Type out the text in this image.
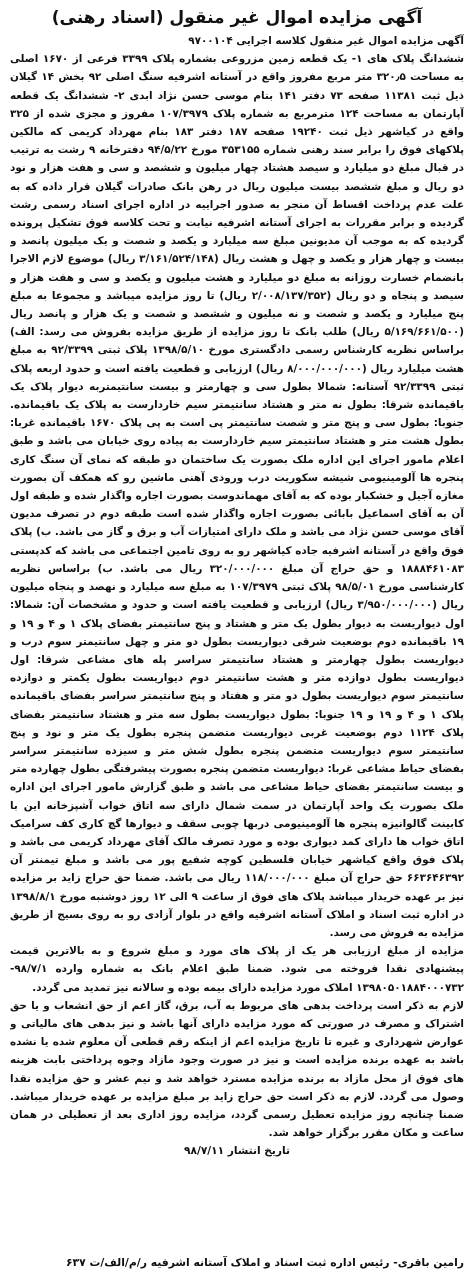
آگهی مزایده اموال غیر منقول (اسناد رهنی)

آگهی مزایده اموال غیر منقول کلاسه اجرایی ۹۷۰۰۱۰۴

ششدانگ پلاک های ۱- یک قطعه زمین مزروعی بشماره پلاک ۳۳۹۹ فرعی از ۱۶۷۰ اصلی به مساحت ۳۲۰٫۵ متر مربع مفروز واقع در آستانه اشرفیه سنگ اصلی ۹۲ بخش ۱۴ گیلان ذیل ثبت ۱۱۳۸۱ صفحه ۷۳ دفتر ۱۴۱ بنام موسی حسن نژاد ابدی ۲- ششدانگ یک قطعه آپارتمان به مساحت ۱۲۴ مترمربع به شماره پلاک ۱۰۷/۳۹۷۹ مفروز و مجزی شده از ۳۲۵ واقع در کیاشهر ذیل ثبت ۱۹۲۴۰ صفحه ۱۸۷ دفتر ۱۸۳ بنام مهرداد کریمی که مالکین پلاکهای فوق را برابر سند رهنی شماره ۳۵۳۱۵۵ مورخ ۹۴/۵/۲۲ دفترخانه ۹ رشت به ترتیب در قبال مبلغ دو میلیارد و سیصد هشتاد چهار میلیون و ششصد و سی و هفت هزار و نود دو ریال و مبلغ ششصد بیست میلیون ریال در رهن بانک صادرات گیلان قرار داده که به علت عدم پرداخت اقساط آن منجر به صدور اجراییه در اداره اجرای اسناد رسمی رشت گردیده و برابر مقررات به اجرای آستانه اشرفیه نیابت و تحت کلاسه فوق تشکیل پرونده گردیده که به موجب آن مدیونین مبلغ سه میلیارد و یکصد و شصت و یک میلیون پانصد و بیست و چهار هزار و یکصد و چهل و هشت ریال (۳/۱۶۱/۵۲۴/۱۴۸ ریال) موضوع لازم الاجرا بانضمام خسارت روزانه به مبلغ دو میلیارد و هشت میلیون و یکصد و سی و هفت هزار و سیصد و پنجاه و دو ریال (۲/۰۰۸/۱۳۷/۳۵۲ ریال) تا روز مزایده میباشد و مجموعا به مبلغ پنج میلیارد و یکصد و شصت و نه میلیون و ششصد و شصت و یک هزار و پانصد ریال (۵/۱۶۹/۶۶۱/۵۰۰ ریال) طلب بانک تا روز مزایده از طریق مزایده بفروش می رسد: الف) براساس نظریه کارشناس رسمی دادگستری مورخ ۱۳۹۸/۵/۱۰ پلاک ثبتی ۹۲/۳۳۹۹ به مبلغ هشت میلیارد ریال (۸/۰۰۰/۰۰۰/۰۰۰ ریال) ارزیابی و قطعیت یافته است و حدود اربعه پلاک ثبتی ۹۲/۳۳۹۹ آستانه: شمالا بطول سی و چهارمتر و بیست سانتیمتربه دیوار پلاک یک باقیمانده شرقا: بطول نه متر و هشتاد سانتیمتر سیم خاردارست به پلاک یک باقیمانده. جنوبا: بطول سی و پنج متر و شصت سانتیمتر پی است به پی پلاک ۱۶۷۰ باقیمانده غربا: بطول هشت متر و هشتاد سانتیمتر سیم خاردارست به پیاده روی خیابان می باشد و طبق اعلام مامور اجرای این اداره ملک بصورت یک ساختمان دو طبقه که نمای آن سنگ کاری پنجره ها آلومینیومی شیشه سکوریت درب ورودی آهنی ماشین رو که همکف آن بصورت مغازه آجیل و خشکبار بوده که به آقای مهماندوست بصورت اجاره واگذار شده و طبقه اول آن به آقای اسماعیل بابائی بصورت اجاره واگذار شده است طبقه دوم در تصرف مدیون آقای موسی حسن نژاد می باشد و ملک دارای امتیازات آب و برق و گاز می باشد. ب) پلاک فوق واقع در آستانه اشرفیه جاده کیاشهر رو به روی تامین اجتماعی می باشد که کدپستی ۱۸۸۸۴۶۱۰۸۳ و حق حراج آن مبلغ ۳۲۰/۰۰۰/۰۰۰ ریال می باشد. ب) براساس نظریه کارشناسی مورخ ۹۸/۵/۰۱ پلاک ثبتی ۱۰۷/۳۹۷۹ به مبلغ سه میلیارد و نهصد و پنجاه میلیون ریال (۳/۹۵۰/۰۰۰/۰۰۰ ریال) ارزیابی و قطعیت یافته است و حدود و مشخصات آن: شمالا: اول دیواریست به دیوار بطول یک متر و هشتاد و پنج سانتیمتر بفضای پلاک ۱ و ۴ و ۱۹ و ۱۹ باقیمانده دوم بوضعیت شرقی دیواریست بطول دو متر و چهل سانتیمتر سوم درب و دیواریست بطول چهارمتر و هشتاد سانتیمتر سراسر پله های مشاعی شرقا: اول دیواریست بطول دوازده متر و هشت سانتیمتر دوم دیواریست بطول یکمتر و دوازده سانتیمتر سوم دیواریست بطول دو متر و هفتاد و پنج سانتیمتر سراسر بفضای باقیمانده پلاک ۱ و ۴ و ۱۹ و ۱۹ جنوبا: بطول دیواریست بطول سه متر و هشتاد سانتیمتر بفضای پلاک ۱۱۲۴ دوم بوضعیت غربی دیواریست متضمن پنجره بطول یک متر و نود و پنج سانتیمتر سوم دیواریست متضمن پنجره بطول شش متر و سیزده سانتیمتر سراسر بفضای حیاط مشاعی غربا: دیواریست متضمن پنجره بصورت پیشرفتگی بطول چهارده متر و بیست سانتیمتر بفضای حیاط مشاعی می باشد و طبق گزارش مامور اجرای این اداره ملک بصورت یک واحد آپارتمان در سمت شمال دارای سه اتاق خواب آشپزخانه این با کابینت گالوانیزه پنجره ها آلومینیومی دربها چوبی سقف و دیوارها گچ کاری کف سرامیک اتاق خواب ها دارای کمد دیواری بوده و مورد تصرف مالک آقای مهرداد کریمی می باشد و پلاک فوق واقع کیاشهر خیابان فلسطین کوچه شفیع پور می باشد و مبلغ تیمنتر آن ۶۶۳۶۴۶۳۹۲ حق حراج آن مبلغ ۱۱۸/۰۰۰/۰۰۰ ریال می باشد. ضمنا حق حراج زاید بر مزایده نیز بر عهده خریدار میباشد پلاک های فوق از ساعت ۹ الی ۱۲ روز دوشنبه مورخ ۱۳۹۸/۸/۱ در اداره ثبت اسناد و املاک آستانه اشرفیه واقع در بلوار آزادی رو به روی بسیج از طریق مزایده به فروش می رسد.

مزایده از مبلغ ارزیابی هر یک از پلاک های مورد و مبلغ شروع و به بالاترین قیمت پیشنهادی نقدا فروخته می شود. ضمنا طبق اعلام بانک به شماره وارده ۹۸/۷/۱- ۱۳۹۸۰۵۰۱۸۸۴۰۰۰۷۳۲ املاک مورد مزایده دارای بیمه بوده و سالانه نیز تمدید می گردد.

لازم به ذکر است پرداخت بدهی های مربوط به آب، برق، گاز اعم از حق انشعاب و یا حق اشتراک و مصرف در صورتی که مورد مزایده دارای آنها باشد و نیز بدهی های مالیاتی و عوارض شهرداری و غیره تا تاریخ مزایده اعم از اینکه رقم قطعی آن معلوم شده یا نشده باشد به عهده برنده مزایده است و نیز در صورت وجود مازاد وجوه پرداختی بابت هزینه های فوق از محل مازاد به برنده مزایده مسترد خواهد شد و نیم عشر و حق مزایده نقدا وصول می گردد. لازم به ذکر است حق حراج زاید بر مبلغ مزایده بر عهده خریدار میباشد. ضمنا چنانچه روز مزایده تعطیل رسمی گردد، مزایده روز اداری بعد از تعطیلی در همان ساعت و مکان مقرر برگزار خواهد شد.

تاریخ انتشار ۹۸/۷/۱۱
رامین باقری- رئیس اداره ثبت اسناد و املاک آستانه اشرفیه ر/م/الف/ت ۶۳۷
